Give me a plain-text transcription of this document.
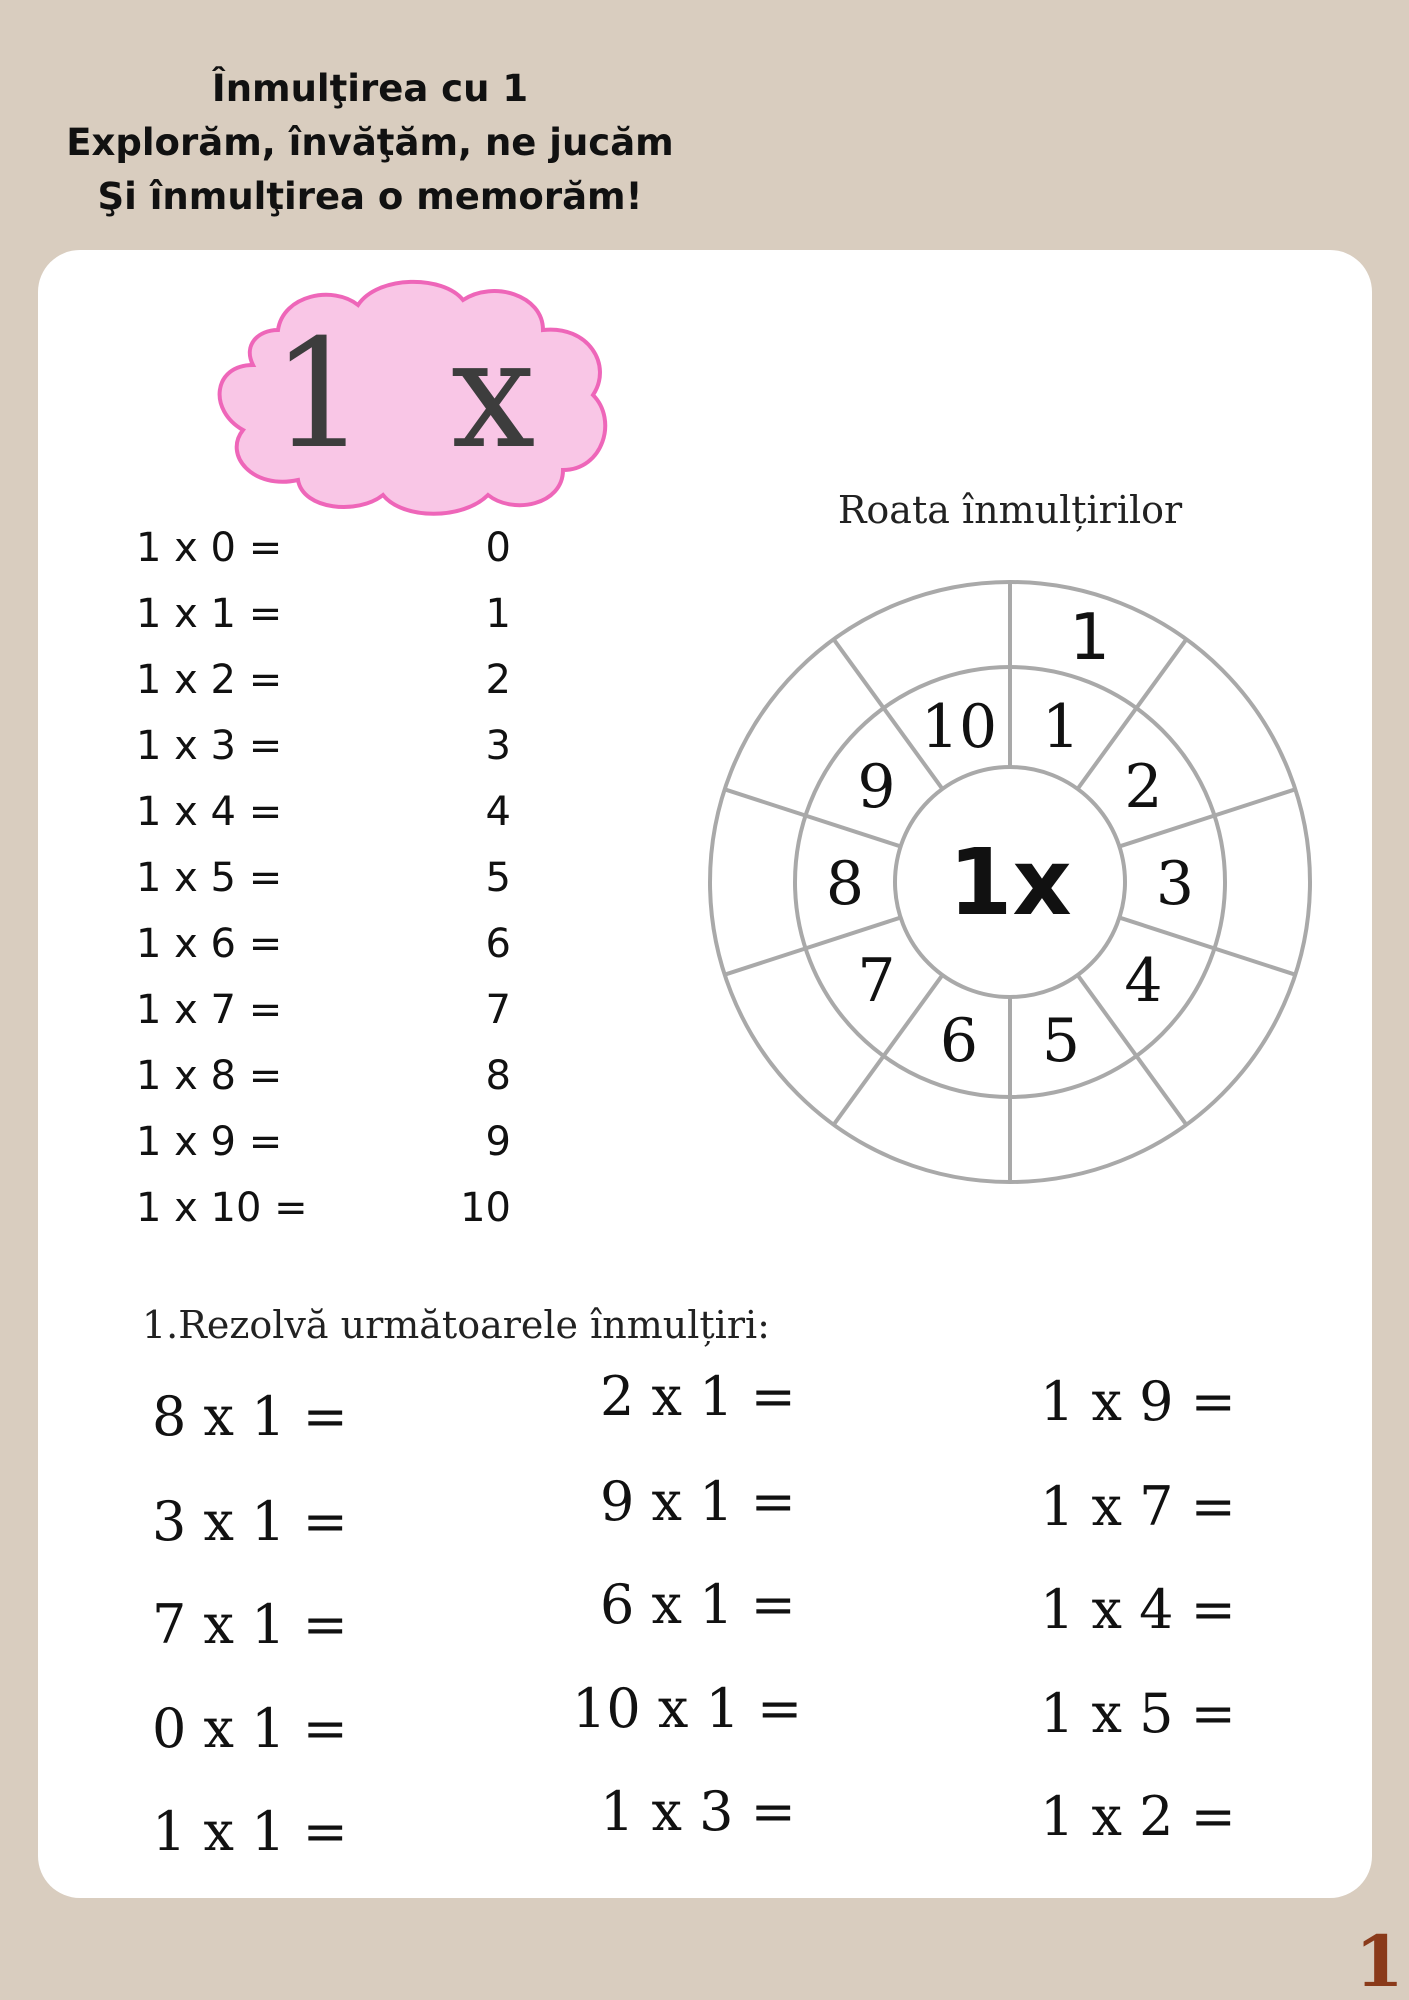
Înmulţirea cu 1
Explorăm, învăţăm, ne jucăm
Şi înmulţirea o memorăm!
1 x
1 x 0 =	0
1 x 1 =	1
1 x 2 =	2
1 x 3 =	3
1 x 4 =	4
1 x 5 =	5
1 x 6 =	6
1 x 7 =	7
1 x 8 =	8
1 x 9 =	9
1 x 10 =	10
Roata înmulțirilor
1x
1
2
3
4
5
6
7
8
9
10
1
1.Rezolvă următoarele înmulțiri:
8 x 1 =
3 x 1 =
7 x 1 =
0 x 1 =
1 x 1 =
2 x 1 =
9 x 1 =
6 x 1 =
10 x 1 =
1 x 3 =
1 x 9 =
1 x 7 =
1 x 4 =
1 x 5 =
1 x 2 =
1
